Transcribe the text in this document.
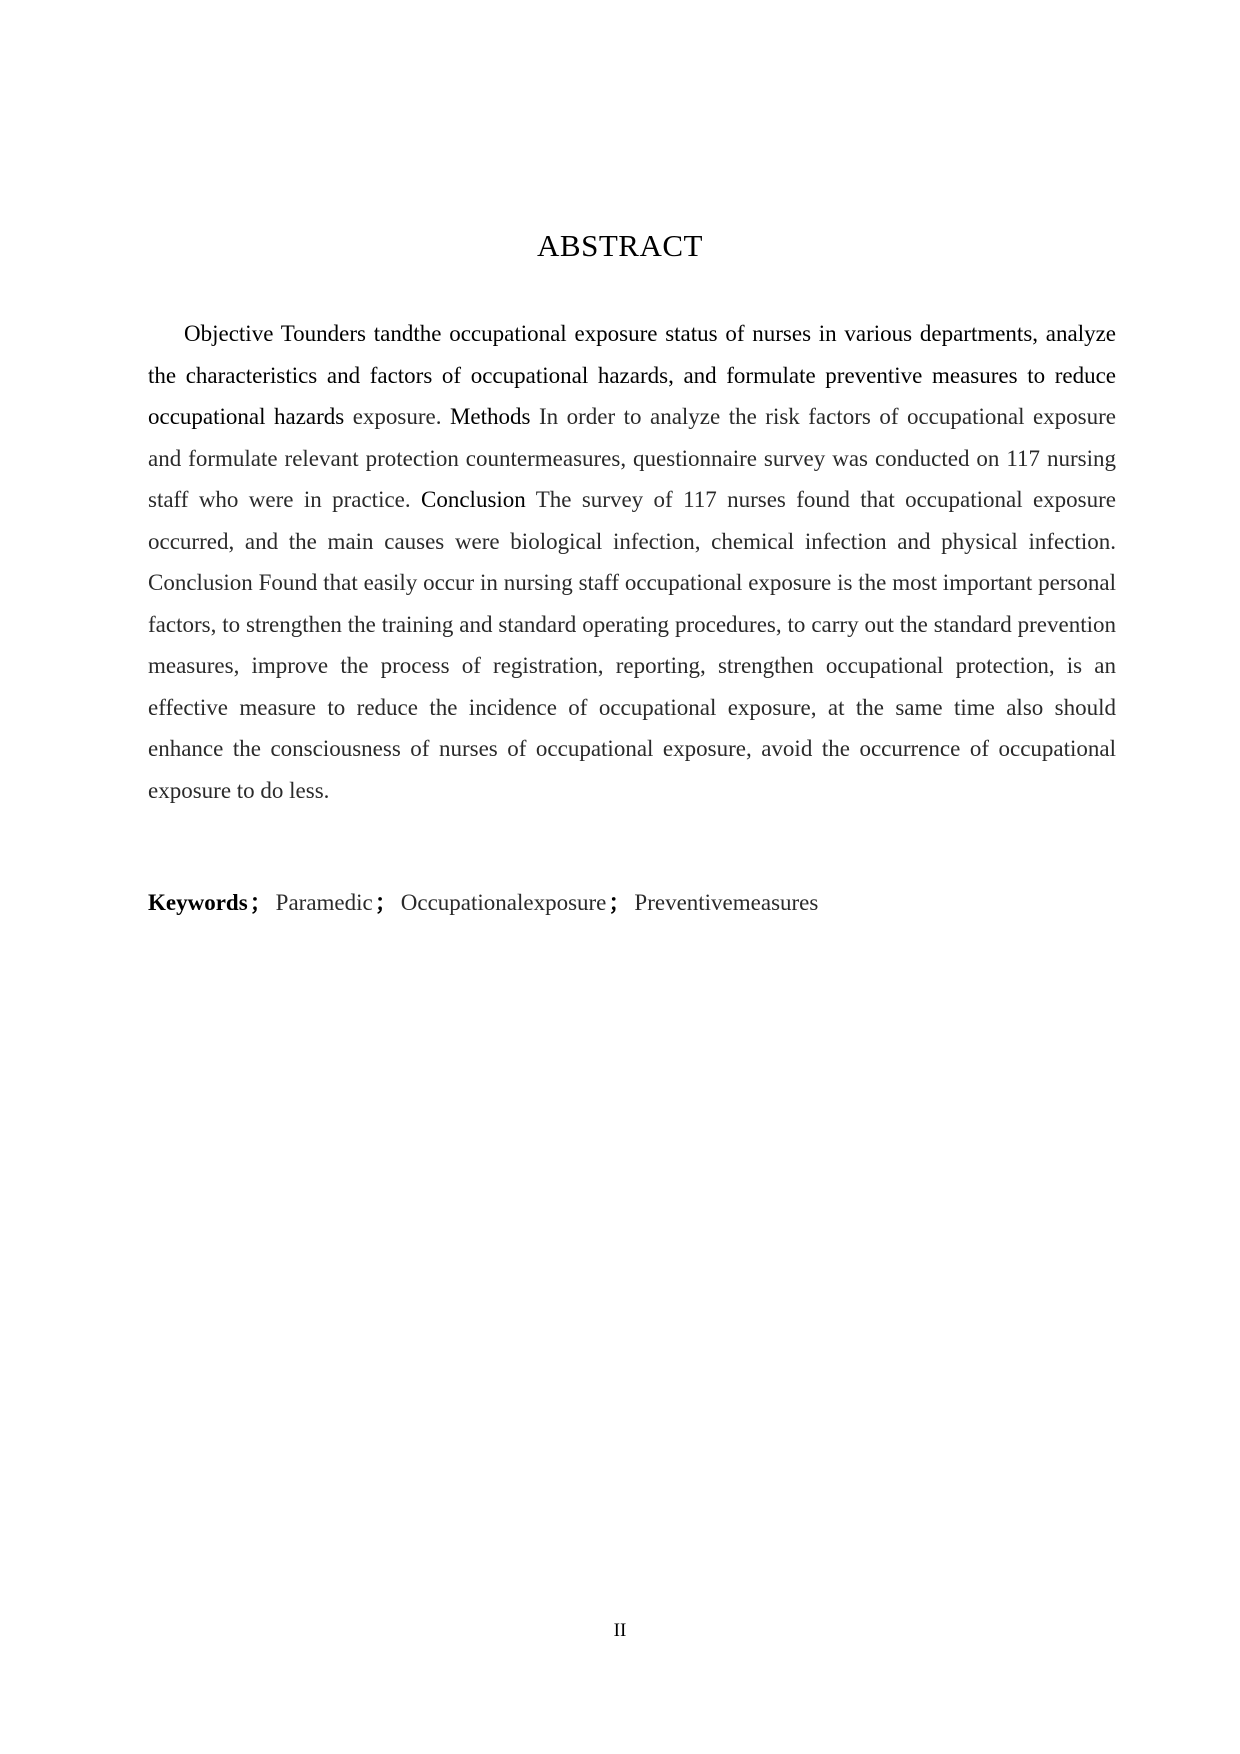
ABSTRACT

Objective Tounders tandthe occupational exposure status of nurses in various departments, analyze the characteristics and factors of occupational hazards, and formulate preventive measures to reduce occupational hazards exposure. Methods In order to analyze the risk factors of occupational exposure and formulate relevant protection countermeasures, questionnaire survey was conducted on 117 nursing staff who were in practice. Conclusion The survey of 117 nurses found that occupational exposure occurred, and the main causes were biological infection, chemical infection and physical infection. Conclusion Found that easily occur in nursing staff occupational exposure is the most important personal factors, to strengthen the training and standard operating procedures, to carry out the standard prevention measures, improve the process of registration, reporting, strengthen occupational protection, is an effective measure to reduce the incidence of occupational exposure, at the same time also should enhance the consciousness of nurses of occupational exposure, avoid the occurrence of occupational exposure to do less.

Keywords； Paramedic； Occupationalexposure； Preventivemeasures
II
